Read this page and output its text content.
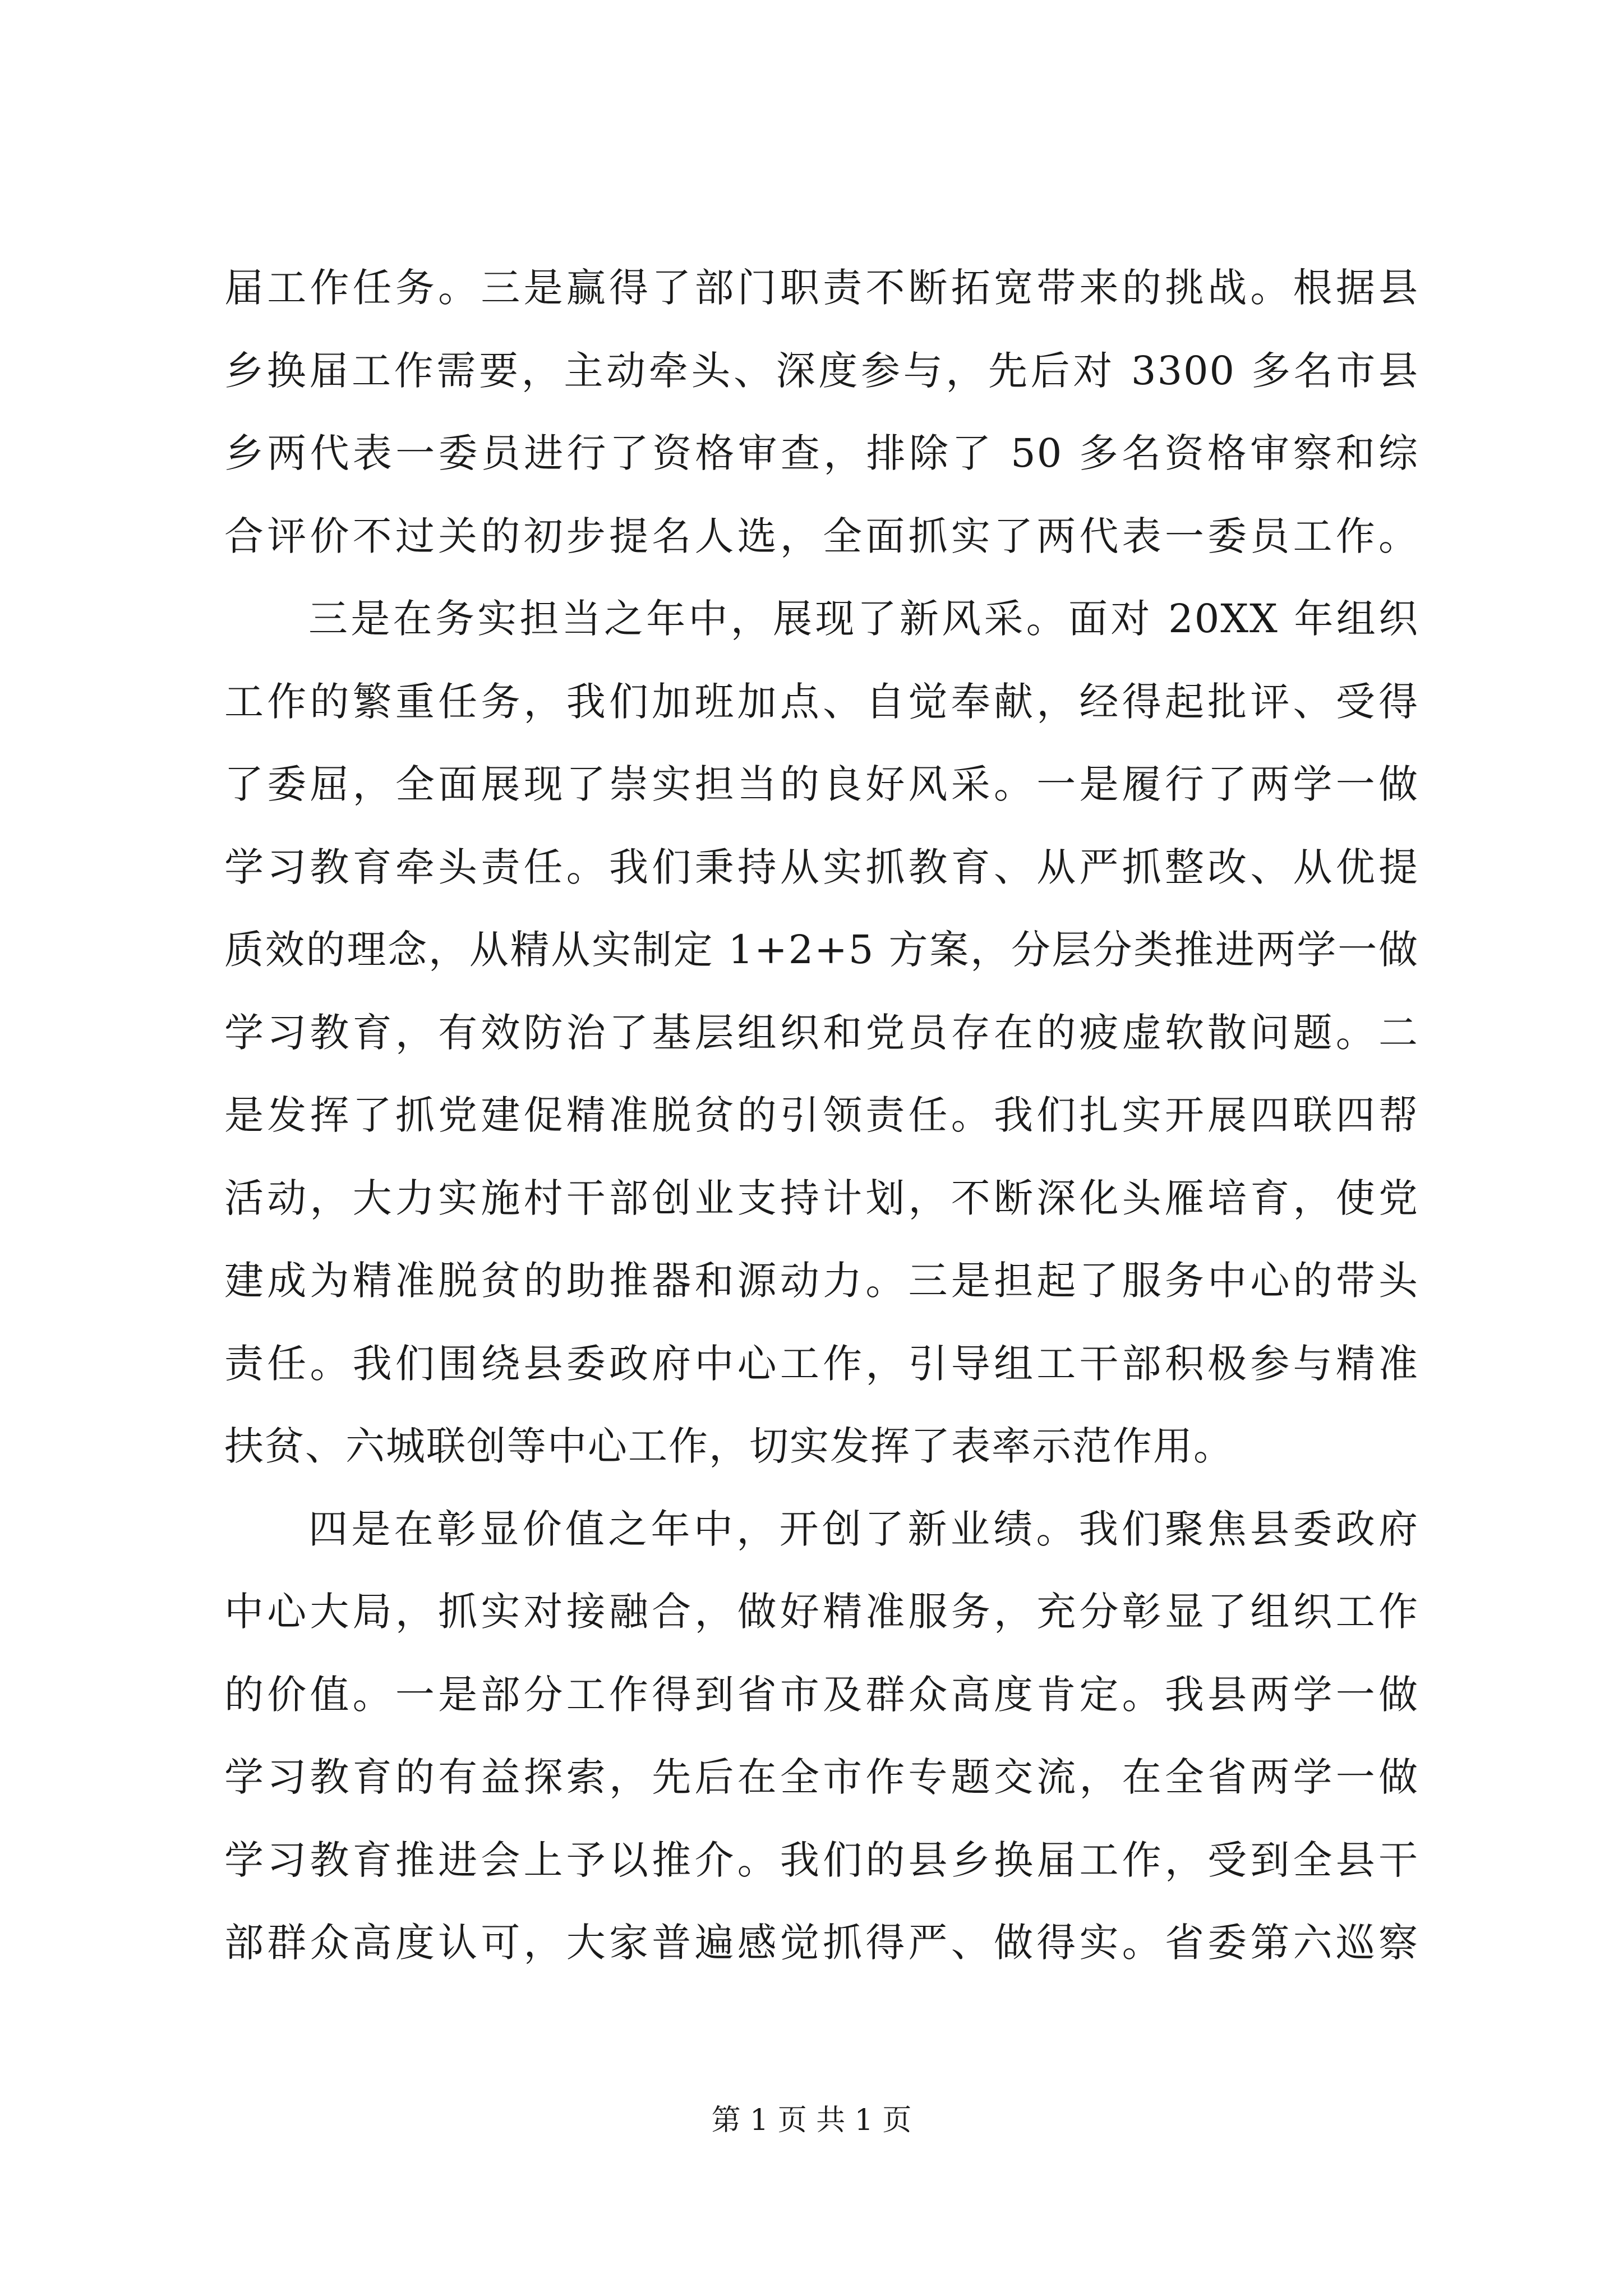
届工作任务。三是赢得了部门职责不断拓宽带来的挑战。根据县
乡换届工作需要，主动牵头、深度参与，先后对 3300 多名市县
乡两代表一委员进行了资格审查，排除了 50 多名资格审察和综
合评价不过关的初步提名人选，全面抓实了两代表一委员工作。
三是在务实担当之年中，展现了新风采。面对 20XX 年组织
工作的繁重任务，我们加班加点、自觉奉献，经得起批评、受得
了委屈，全面展现了崇实担当的良好风采。一是履行了两学一做
学习教育牵头责任。我们秉持从实抓教育、从严抓整改、从优提
质效的理念，从精从实制定 1+2+5 方案，分层分类推进两学一做
学习教育，有效防治了基层组织和党员存在的疲虚软散问题。二
是发挥了抓党建促精准脱贫的引领责任。我们扎实开展四联四帮
活动，大力实施村干部创业支持计划，不断深化头雁培育，使党
建成为精准脱贫的助推器和源动力。三是担起了服务中心的带头
责任。我们围绕县委政府中心工作，引导组工干部积极参与精准
扶贫、六城联创等中心工作，切实发挥了表率示范作用。
四是在彰显价值之年中，开创了新业绩。我们聚焦县委政府
中心大局，抓实对接融合，做好精准服务，充分彰显了组织工作
的价值。一是部分工作得到省市及群众高度肯定。我县两学一做
学习教育的有益探索，先后在全市作专题交流，在全省两学一做
学习教育推进会上予以推介。我们的县乡换届工作，受到全县干
部群众高度认可，大家普遍感觉抓得严、做得实。省委第六巡察
第 1 页 共 1 页
